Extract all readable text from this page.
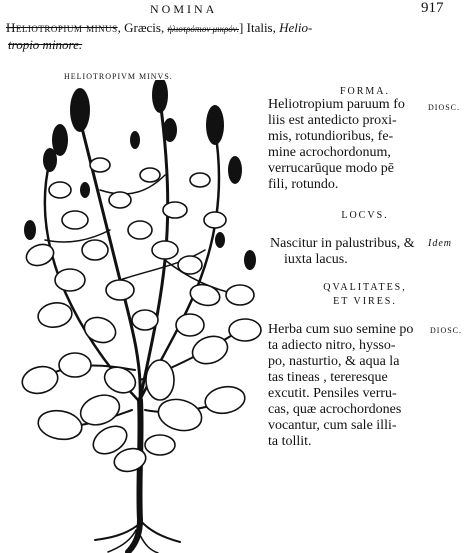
NOMINA	917
Heliotropium minus, Græcis, ἡλιοτρόπιον μικρόν.] Italis, Helio-
tropio minore.
HELIOTROPIVM MINVS.
FORMA.
DIOSC.
Heliotropium paruum fo
liis est antedicto proxi-
mis, rotundioribus, fe-
mine acrochordonum,
verrucarūque modo pē
fili, rotundo.
LOCVS.
Idem
Nascitur in palustribus, &
iuxta lacus.
QVALITATES,
ET VIRES.
DIOSC.
Herba cum suo semine po
ta adiecto nitro, hysso-
po, nasturtio, & aqua la
tas tineas , tereresque
excutit. Pensiles verru-
cas, quæ acrochordones
vocantur, cum sale illi-
ta tollit.
